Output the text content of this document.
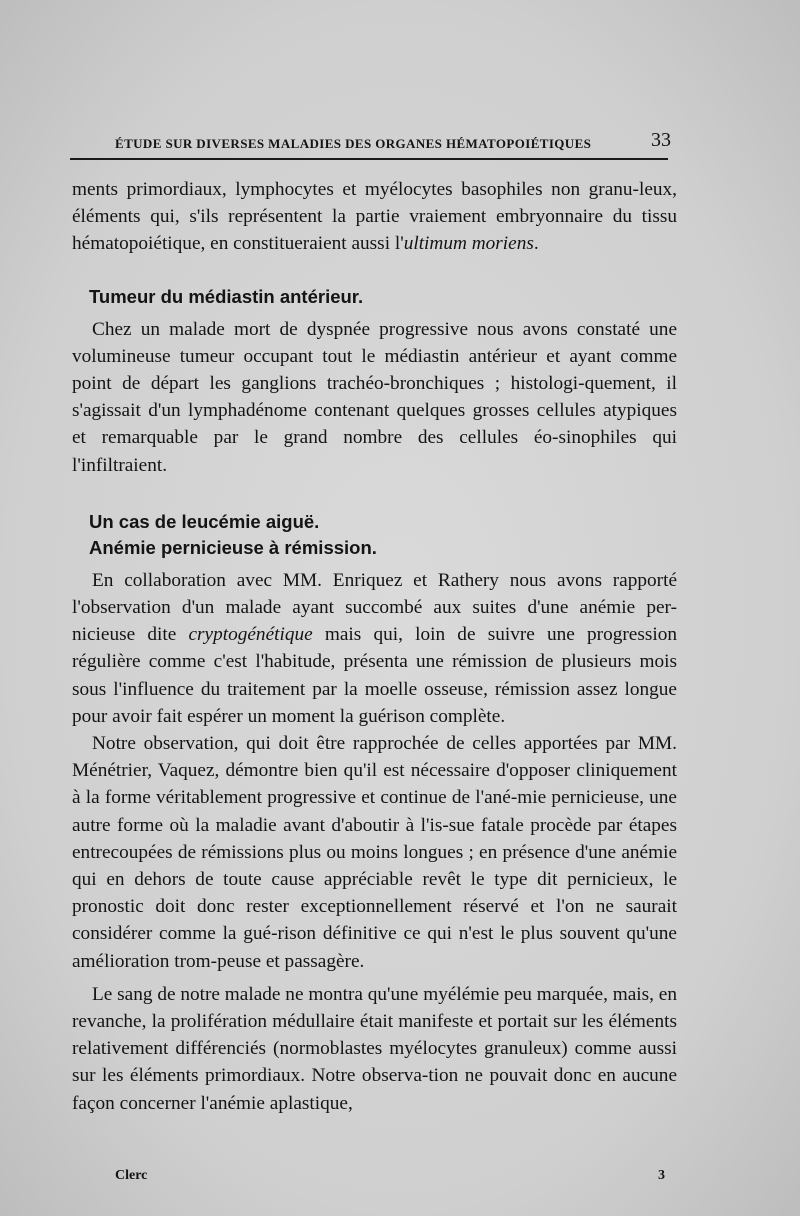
ÉTUDE SUR DIVERSES MALADIES DES ORGANES HÉMATOPOIÉTIQUES	33

ments primordiaux, lymphocytes et myélocytes basophiles non granu-leux, éléments qui, s'ils représentent la partie vraiement embryonnaire du tissu hématopoiétique, en constitueraient aussi l'ultimum moriens.

Tumeur du médiastin antérieur.

Chez un malade mort de dyspnée progressive nous avons constaté une volumineuse tumeur occupant tout le médiastin antérieur et ayant comme point de départ les ganglions trachéo-bronchiques ; histologi-quement, il s'agissait d'un lymphadénome contenant quelques grosses cellules atypiques et remarquable par le grand nombre des cellules éo-sinophiles qui l'infiltraient.

Un cas de leucémie aiguë.
Anémie pernicieuse à rémission.

En collaboration avec MM. Enriquez et Rathery nous avons rapporté l'observation d'un malade ayant succombé aux suites d'une anémie per-nicieuse dite cryptogénétique mais qui, loin de suivre une progression régulière comme c'est l'habitude, présenta une rémission de plusieurs mois sous l'influence du traitement par la moelle osseuse, rémission assez longue pour avoir fait espérer un moment la guérison complète.

Notre observation, qui doit être rapprochée de celles apportées par MM. Ménétrier, Vaquez, démontre bien qu'il est nécessaire d'opposer cliniquement à la forme véritablement progressive et continue de l'ané-mie pernicieuse, une autre forme où la maladie avant d'aboutir à l'is-sue fatale procède par étapes entrecoupées de rémissions plus ou moins longues ; en présence d'une anémie qui en dehors de toute cause appréciable revêt le type dit pernicieux, le pronostic doit donc rester exceptionnellement réservé et l'on ne saurait considérer comme la gué-rison définitive ce qui n'est le plus souvent qu'une amélioration trom-peuse et passagère.

Le sang de notre malade ne montra qu'une myélémie peu marquée, mais, en revanche, la prolifération médullaire était manifeste et portait sur les éléments relativement différenciés (normoblastes myélocytes granuleux) comme aussi sur les éléments primordiaux. Notre observa-tion ne pouvait donc en aucune façon concerner l'anémie aplastique,

Clerc	3
